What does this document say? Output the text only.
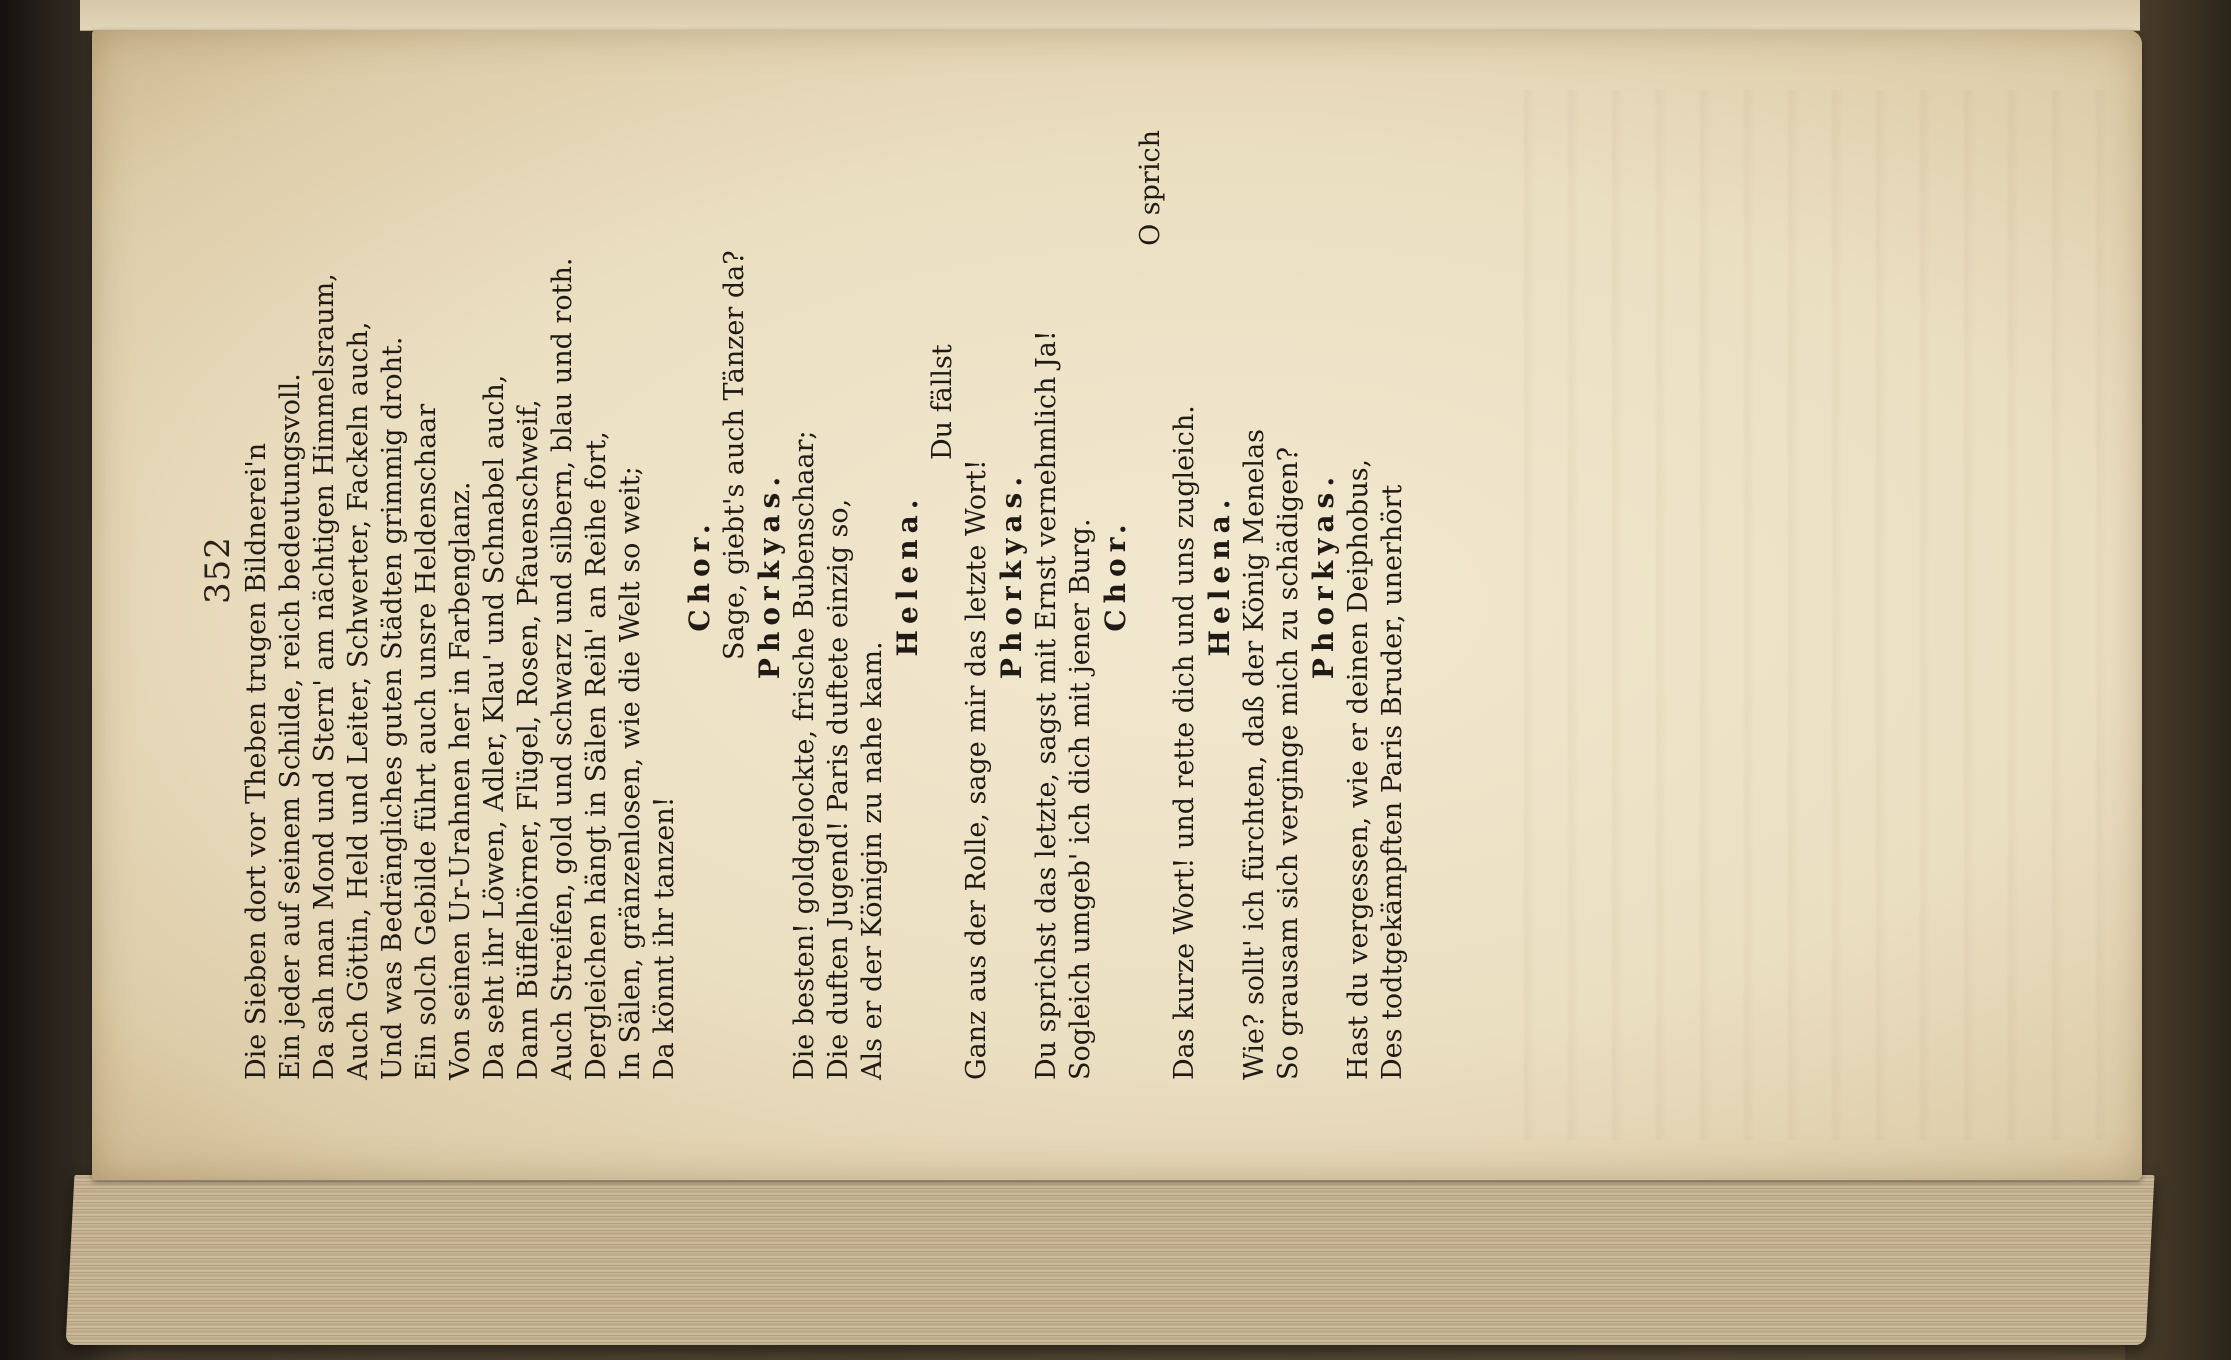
352 Die Sieben dort vor Theben trugen Bildnerei'n Ein jeder auf seinem Schilde, reich bedeutungsvoll. Da sah man Mond und Stern' am nächtigen Himmelsraum, Auch Göttin, Held und Leiter, Schwerter, Fackeln auch, Und was Bedrängliches guten Städten grimmig droht. Ein solch Gebilde führt auch unsre Heldenschaar Von seinen Ur-Urahnen her in Farbenglanz. Da seht ihr Löwen, Adler, Klau' und Schnabel auch, Dann Büffelhörner, Flügel, Rosen, Pfauenschweif, Auch Streifen, gold und schwarz und silbern, blau und roth. Dergleichen hängt in Sälen Reih' an Reihe fort, In Sälen, gränzenlosen, wie die Welt so weit; Da könnt ihr tanzen!
Chor. Sage, giebt's auch Tänzer da? Phorkyas. Die besten! goldgelockte, frische Bubenschaar; Die duften Jugend! Paris duftete einzig so, Als er der Königin zu nahe kam.
Helena.
Du fällst
Ganz aus der Rolle, sage mir das letzte Wort! Phorkyas. Du sprichst das letzte, sagst mit Ernst vernehmlich Ja! Sogleich umgeb' ich dich mit jener Burg. Chor.
O sprich
Das kurze Wort! und rette dich und uns zugleich. Helena. Wie? sollt' ich fürchten, daß der König Menelas So grausam sich verginge mich zu schädigen? Phorkyas. Hast du vergessen, wie er deinen Deiphobus, Des todtgekämpften Paris Bruder, unerhört
